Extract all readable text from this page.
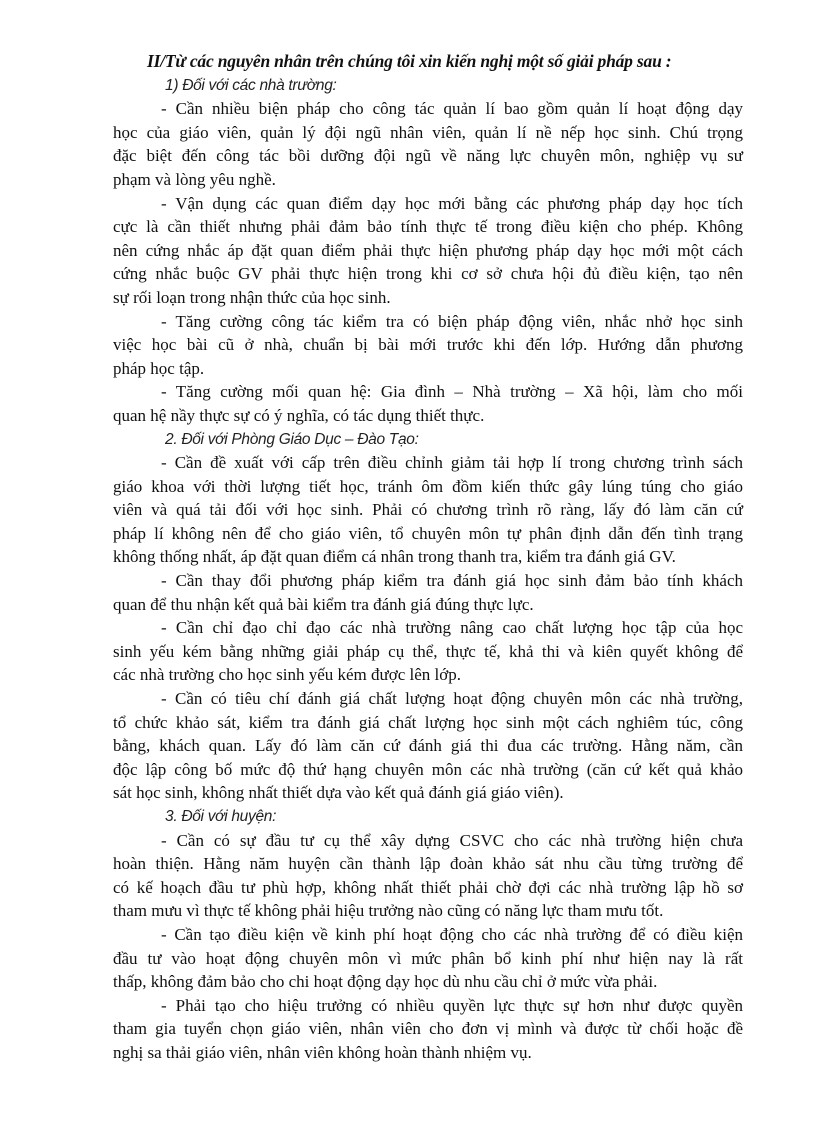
II/Từ các nguyên nhân trên chúng tôi xin kiến nghị một số giải pháp sau :
1) Đối với các nhà trường:
- Cần nhiều biện pháp cho công tác quản lí bao gồm quản lí hoạt động dạy
học của giáo viên, quản lý đội ngũ nhân viên, quản lí nề nếp học sinh. Chú trọng
đặc biệt đến công tác bồi dưỡng đội ngũ về năng lực chuyên môn, nghiệp vụ sư
phạm và lòng yêu nghề.
- Vận dụng các quan điểm dạy học mới bằng các phương pháp dạy học tích
cực là cần thiết nhưng phải đảm bảo tính thực tế trong điều kiện cho phép. Không
nên cứng nhắc áp đặt quan điểm phải thực hiện phương pháp dạy học mới một cách
cứng nhắc buộc GV phải thực hiện trong khi cơ sở chưa hội đủ điều kiện, tạo nên
sự rối loạn trong nhận thức của học sinh.
- Tăng cường công tác kiểm tra có biện pháp động viên, nhắc nhở học sinh
việc học bài cũ ở nhà, chuẩn bị bài mới trước khi đến lớp. Hướng dẫn phương
pháp học tập.
- Tăng cường mối quan hệ: Gia đình – Nhà trường – Xã hội, làm cho mối
quan hệ nầy thực sự có ý nghĩa, có tác dụng thiết thực.
2. Đối với Phòng Giáo Dục – Đào Tạo:
- Cần đề xuất với cấp trên điều chỉnh giảm tải hợp lí trong chương trình sách
giáo khoa với thời lượng tiết học, tránh ôm đồm kiến thức gây lúng túng cho giáo
viên và quá tải đối với học sinh. Phải có chương trình rõ ràng, lấy đó làm căn cứ
pháp lí không nên để cho giáo viên, tổ chuyên môn tự phân định dẫn đến tình trạng
không thống nhất, áp đặt quan điểm cá nhân trong thanh tra, kiểm tra đánh giá GV.
- Cần thay đổi phương pháp kiểm tra đánh giá học sinh đảm bảo tính khách
quan để thu nhận kết quả bài kiểm tra đánh giá đúng thực lực.
- Cần chỉ đạo chỉ đạo các nhà trường nâng cao chất lượng học tập của học
sinh yếu kém bằng những giải pháp cụ thể, thực tế, khả thi và kiên quyết không để
các nhà trường cho học sinh yếu kém được lên lớp.
- Cần có tiêu chí đánh giá chất lượng hoạt động chuyên môn các nhà trường,
tổ chức khảo sát, kiểm tra đánh giá chất lượng học sinh một cách nghiêm túc, công
bằng, khách quan. Lấy đó làm căn cứ đánh giá thi đua các trường. Hằng năm, cần
độc lập công bố mức độ thứ hạng chuyên môn các nhà trường (căn cứ kết quả khảo
sát học sinh, không nhất thiết dựa vào kết quả đánh giá giáo viên).
3. Đối với huyện:
- Cần có sự đầu tư cụ thể xây dựng CSVC cho các nhà trường hiện chưa
hoàn thiện. Hằng năm huyện cần thành lập đoàn khảo sát nhu cầu từng trường để
có kế hoạch đầu tư phù hợp, không nhất thiết phải chờ đợi các nhà trường lập hồ sơ
tham mưu vì thực tế không phải hiệu trưởng nào cũng có năng lực tham mưu tốt.
- Cần tạo điều kiện về kinh phí hoạt động cho các nhà trường để có điều kiện
đầu tư vào hoạt động chuyên môn vì mức phân bổ kinh phí như hiện nay là rất
thấp, không đảm bảo cho chi hoạt động dạy học dù nhu cầu chỉ ở mức vừa phải.
- Phải tạo cho hiệu trưởng có nhiều quyền lực thực sự hơn như được quyền
tham gia tuyển chọn giáo viên, nhân viên cho đơn vị mình và được từ chối hoặc đề
nghị sa thải giáo viên, nhân viên không hoàn thành nhiệm vụ.
